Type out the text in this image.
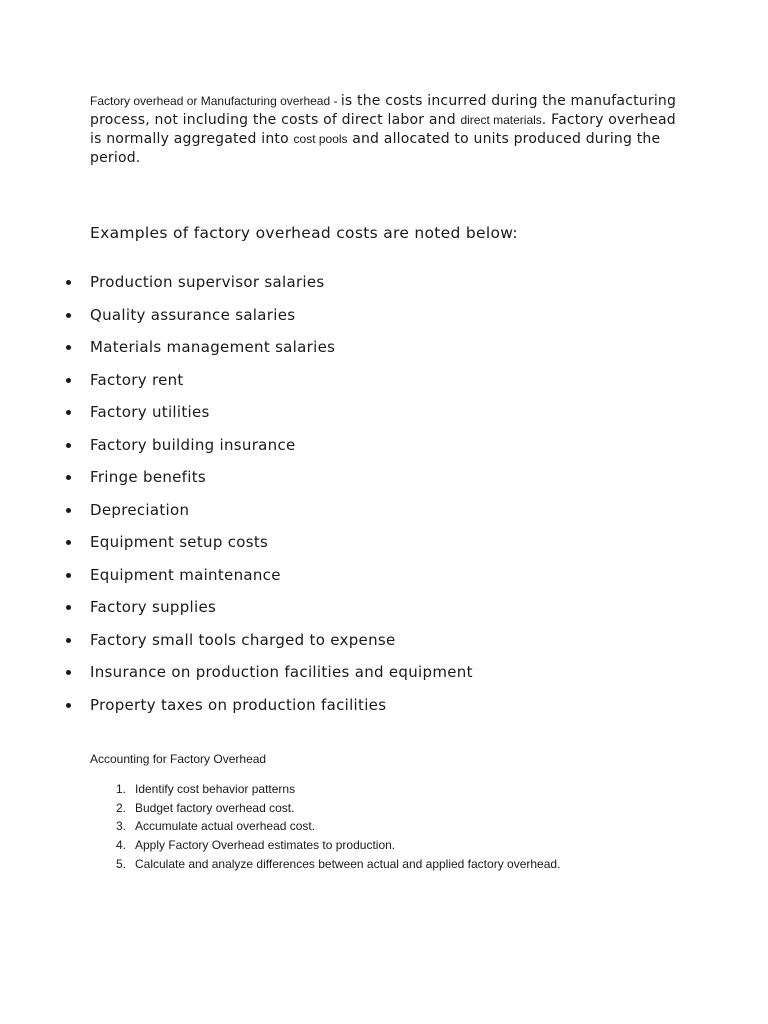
Factory overhead or Manufacturing overhead - is the costs incurred during the manufacturing process, not including the costs of direct labor and direct materials. Factory overhead is normally aggregated into cost pools and allocated to units produced during the period.

Examples of factory overhead costs are noted below:
Production supervisor salaries
Quality assurance salaries
Materials management salaries
Factory rent
Factory utilities
Factory building insurance
Fringe benefits
Depreciation
Equipment setup costs
Equipment maintenance
Factory supplies
Factory small tools charged to expense
Insurance on production facilities and equipment
Property taxes on production facilities
Accounting for Factory Overhead
1. Identify cost behavior patterns
2. Budget factory overhead cost.
3. Accumulate actual overhead cost.
4. Apply Factory Overhead estimates to production.
5. Calculate and analyze differences between actual and applied factory overhead.
